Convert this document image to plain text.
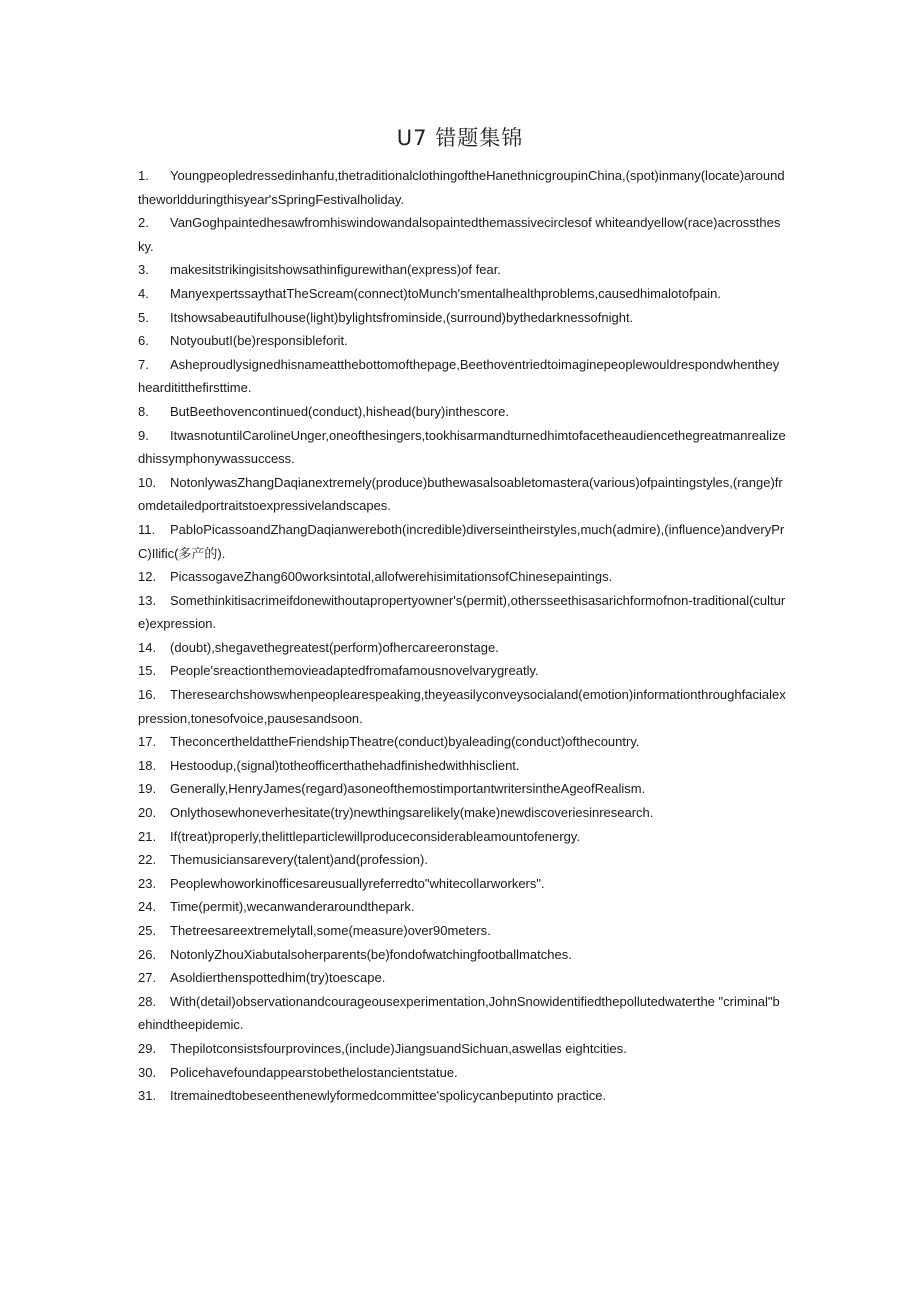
U7 错题集锦
1. Youngpeopledressedinhanfu,thetraditionalclothingoftheHanethnicgroupinChina,(spot)inmany(locate)aroundtheworldduringthisyear'sSpringFestivalholiday.
2. VanGoghpaintedhesawfromhiswindowandalsopaintedthemassivecirclesof whiteandyellow(race)acrossthesky.
3. makesitstrikingisitshowsathinfigurewithan(express)of fear.
4. ManyexpertssaythatTheScream(connect)toMunch'smentalhealthproblems,causedhimalotofpain.
5. Itshowsabeautifulhouse(light)bylightsfrominside,(surround)bythedarknessofnight.
6. NotyoubutI(be)responsibleforit.
7. Asheproudlysignedhisnameatthebottomofthepage,Beethoventriedtoimaginepeoplewouldrespondwhentheyheardititthefirsttime.
8. ButBeethovencontinued(conduct),hishead(bury)inthescore.
9. ItwasnotuntilCarolineUnger,oneofthesingers,tookhisarmandturnedhimtofacetheaudiencethegreatmanrealizedhissymphonywassuccess.
10. NotonlywasZhangDaqianextremely(produce)buthewasalsoabletomastera(various)ofpaintingstyles,(range)fromdetailedportraitstoexpressivelandscapes.
11. PabloPicassoandZhangDaqianwereboth(incredible)diverseintheirstyles,much(admire),(influence)andveryPrC)Ilific(多产的).
12. PicassogaveZhang600worksintotal,allofwerehisimitationsofChinesepaintings.
13. Somethinkitisacrimeifdonewithoutapropertyowner's(permit),othersseethisasarichformofnon-traditional(culture)expression.
14. (doubt),shegavethegreatest(perform)ofhercareeronstage.
15. People'sreactionthemovieadaptedfromafamousnovelvarygreatly.
16. Theresearchshowswhenpeoplearespeaking,theyeasilyconveysocialand(emotion)informationthroughfacialexpression,tonesofvoice,pausesandsoon.
17. TheconcertheldattheFriendshipTheatre(conduct)byaleading(conduct)ofthecountry.
18. Hestoodup,(signal)totheofficerthathehadfinishedwithhisclient.
19. Generally,HenryJames(regard)asoneofthemostimportantwritersintheAgeofRealism.
20. Onlythosewhoneverhesitate(try)newthingsarelikely(make)newdiscoveriesinresearch.
21. If(treat)properly,thelittleparticlewillproduceconsiderableamountofenergy.
22. Themusiciansarevery(talent)and(profession).
23. Peoplewhoworkinofficesareusuallyreferredto"whitecollarworkers".
24. Time(permit),wecanwanderaroundthepark.
25. Thetreesareextremelytall,some(measure)over90meters.
26. NotonlyZhouXiabutalsoherparents(be)fondofwatchingfootballmatches.
27. Asoldierthenspottedhim(try)toescape.
28. With(detail)observationandcourageousexperimentation,JohnSnowidentifiedthepollutedwaterthe "criminal"behindtheepidemic.
29. Thepilotconsistsfourprovinces,(include)JiangsuandSichuan,aswellas eightcities.
30. Policehavefoundappearstobethelostancientstatue.
31. Itremainedtobeseenthenewlyformedcommittee'spolicycanbeputinto practice.
